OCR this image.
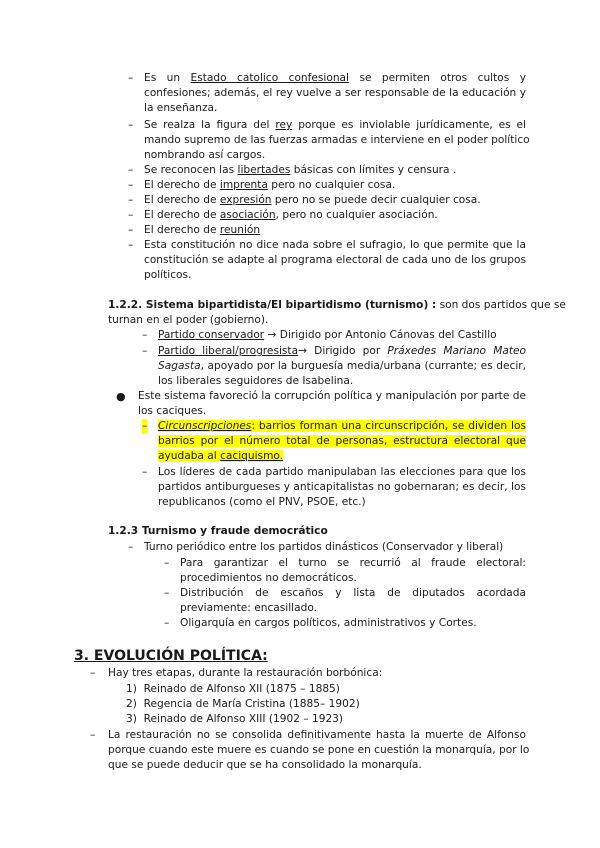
– Es un Estado catolico confesional se permiten otros cultos y
confesiones; además, el rey vuelve a ser responsable de la educación y
la enseñanza.
– Se realza la figura del rey porque es inviolable jurídicamente, es el
mando supremo de las fuerzas armadas e interviene en el poder político
nombrando así cargos.
– Se reconocen las libertades básicas con límites y censura .
– El derecho de imprenta pero no cualquier cosa.
– El derecho de expresión pero no se puede decir cualquier cosa.
– El derecho de asociación, pero no cualquier asociación.
– El derecho de reunión
– Esta constitución no dice nada sobre el sufragio, lo que permite que la
constitución se adapte al programa electoral de cada uno de los grupos
políticos.
1.2.2. Sistema bipartidista/El bipartidismo (turnismo) : son dos partidos que se
turnan en el poder (gobierno).
– Partido conservador → Dirigido por Antonio Cánovas del Castillo
– Partido liberal/progresista→ Dirigido por Práxedes Mariano Mateo
Sagasta, apoyado por la burguesía media/urbana (currante; es decir,
los liberales seguidores de Isabelina.
● Este sistema favoreció la corrupción política y manipulación por parte de
los caciques.
– Circunscripciones: barrios forman una circunscripción, se dividen los
barrios por el número total de personas, estructura electoral que
ayudaba al caciquismo.
– Los líderes de cada partido manipulaban las elecciones para que los
partidos antiburgueses y anticapitalistas no gobernaran; es decir, los
republicanos (como el PNV, PSOE, etc.)
1.2.3 Turnismo y fraude democrático
– Turno periódico entre los partidos dinásticos (Conservador y liberal)
– Para garantizar el turno se recurrió al fraude electoral:
procedimientos no democráticos.
– Distribución de escaños y lista de diputados acordada
previamente: encasillado.
– Oligarquía en cargos políticos, administrativos y Cortes.
3. EVOLUCIÓN POLÍTICA:
– Hay tres etapas, durante la restauración borbónica:
1) Reinado de Alfonso XII (1875 – 1885)
2) Regencia de María Cristina (1885– 1902)
3) Reinado de Alfonso XIII (1902 – 1923)
– La restauración no se consolida definitivamente hasta la muerte de Alfonso
porque cuando este muere es cuando se pone en cuestión la monarquía, por lo
que se puede deducir que se ha consolidado la monarquía.
